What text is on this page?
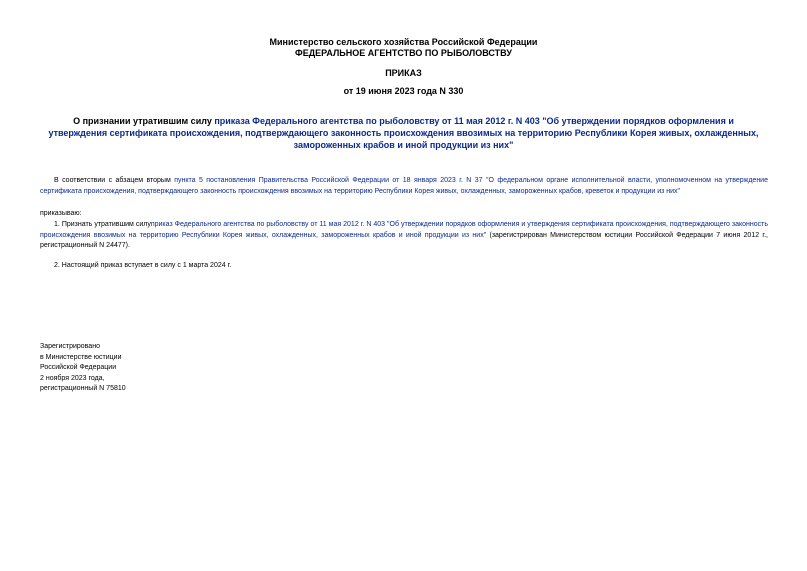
Министерство сельского хозяйства Российской Федерации
ФЕДЕРАЛЬНОЕ АГЕНТСТВО ПО РЫБОЛОВСТВУ
ПРИКАЗ
от 19 июня 2023 года N 330
О признании утратившим силу приказа Федерального агентства по рыболовству от 11 мая 2012 г. N 403 "Об утверждении порядков оформления и утверждения сертификата происхождения, подтверждающего законность происхождения ввозимых на территорию Республики Корея живых, охлажденных, замороженных крабов и иной продукции из них"
В соответствии с абзацем вторым пункта 5 постановления Правительства Российской Федерации от 18 января 2023 г. N 37 "О федеральном органе исполнительной власти, уполномоченном на утверждение сертификата происхождения, подтверждающего законность происхождения ввозимых на территорию Республики Корея живых, охлажденных, замороженных крабов, креветок и продукции из них"
приказываю:
1. Признать утратившим силуприказ Федерального агентства по рыболовству от 11 мая 2012 г. N 403 "Об утверждении порядков оформления и утверждения сертификата происхождения, подтверждающего законность происхождения ввозимых на территорию Республики Корея живых, охлажденных, замороженных крабов и иной продукции из них" (зарегистрирован Министерством юстиции Российской Федерации 7 июня 2012 г., регистрационный N 24477).
2. Настоящий приказ вступает в силу с 1 марта 2024 г.
Зарегистрировано
в Министерстве юстиции
Российской Федерации
2 ноября 2023 года,
регистрационный N 75810
